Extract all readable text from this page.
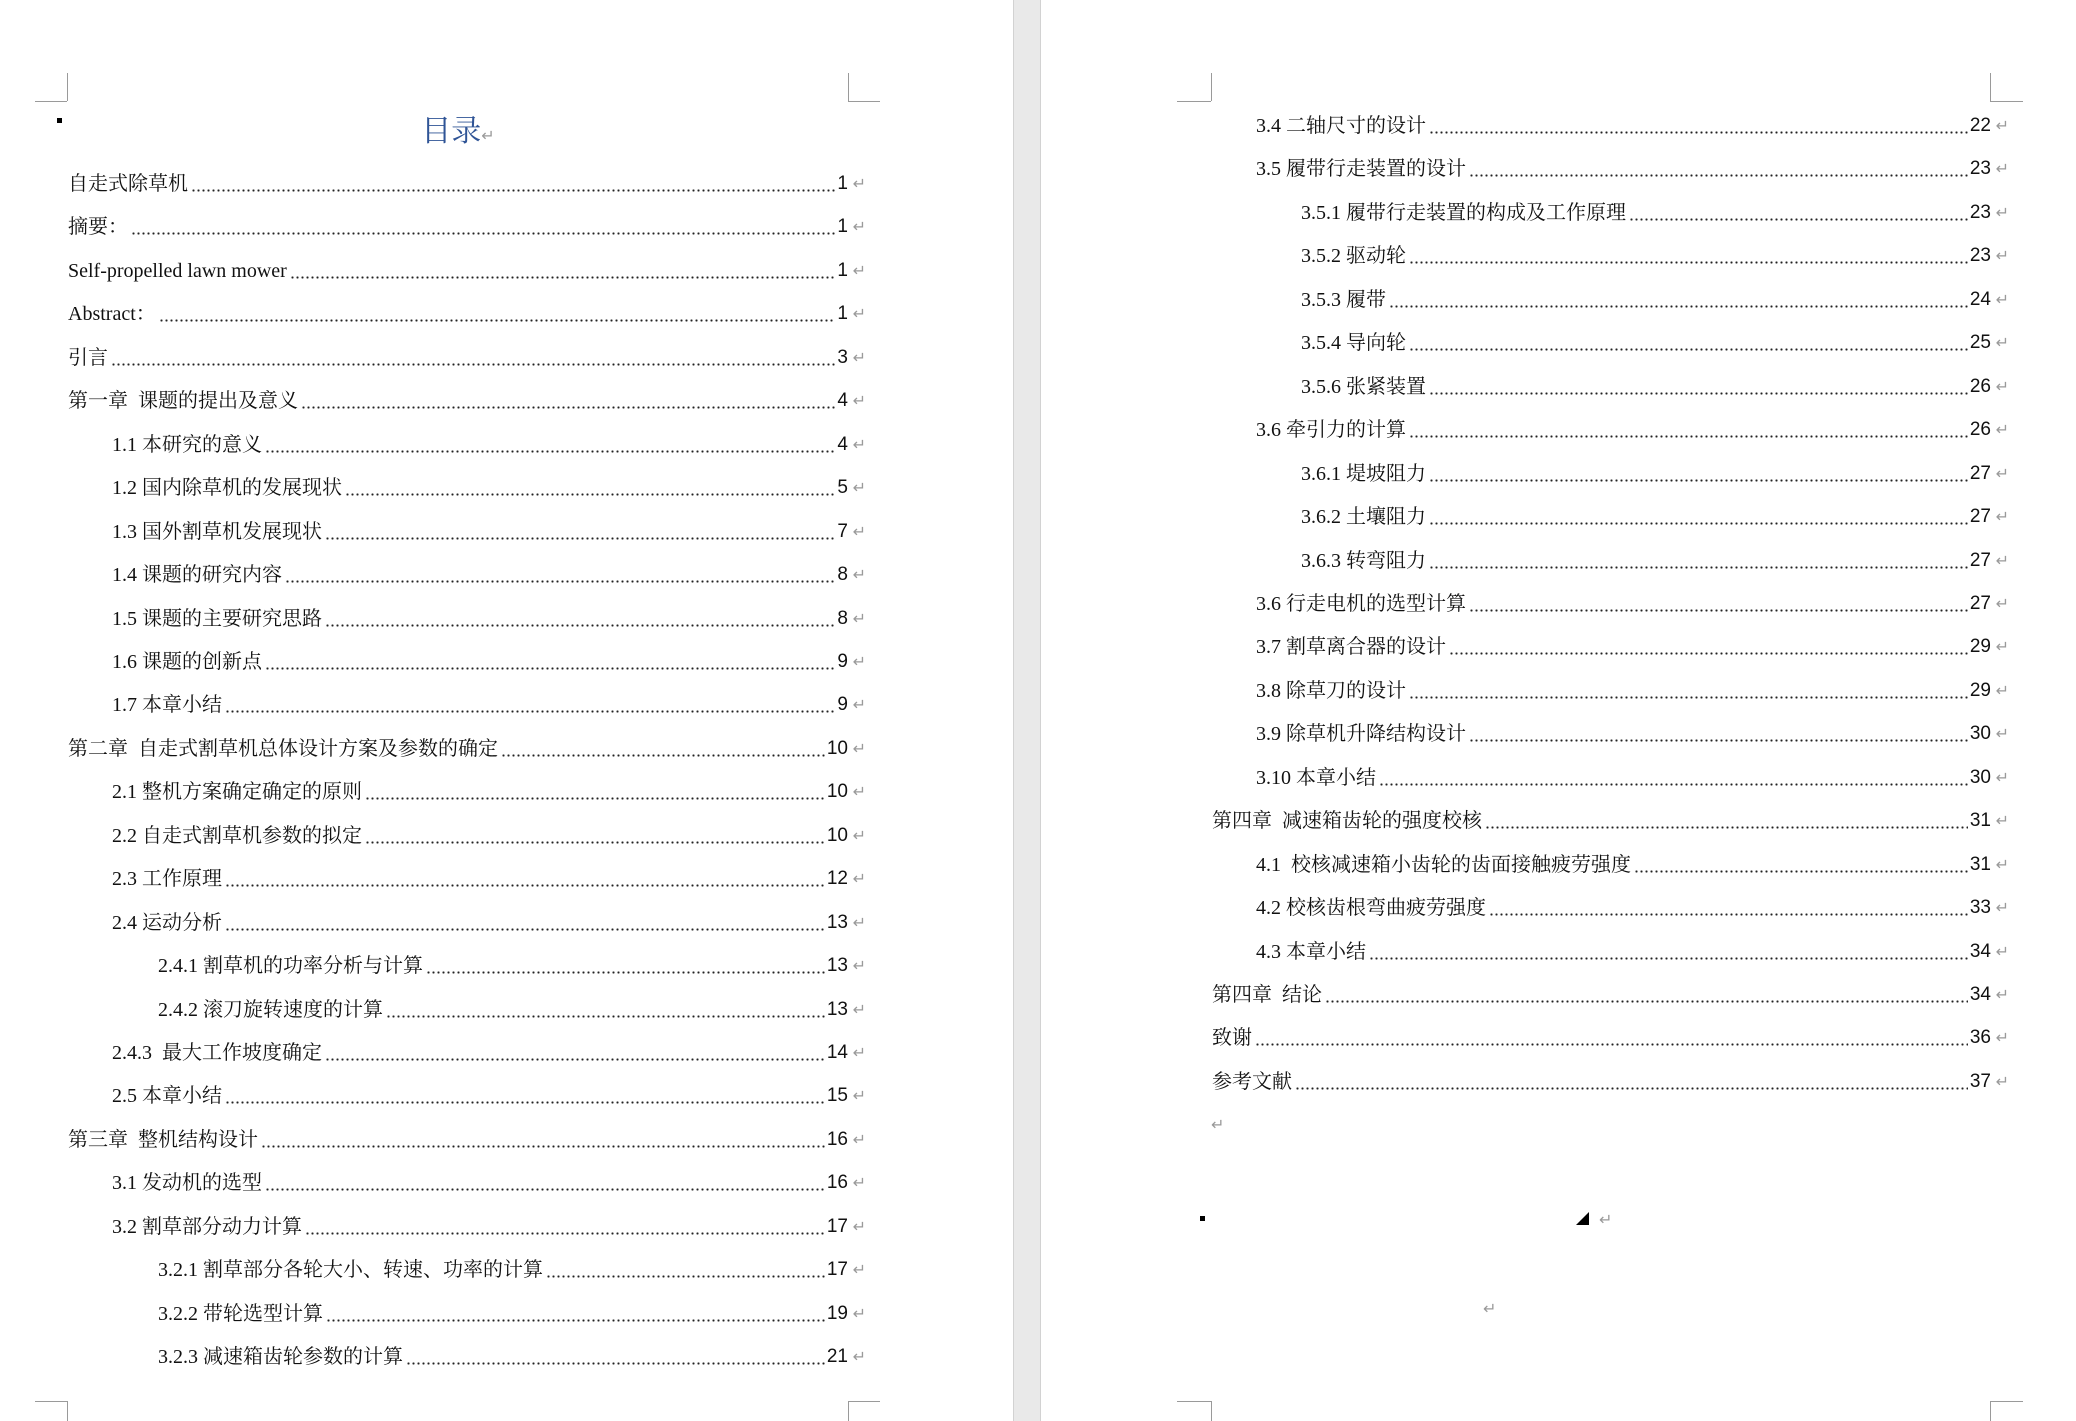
目录 ↵
自走式除草机	1
↵
摘要：	1
↵
Self-propelled lawn mower	1
↵
Abstract：	1
↵
引言	3
↵
第一章  课题的提出及意义	4
↵
1.1 本研究的意义	4
↵
1.2 国内除草机的发展现状	5
↵
1.3 国外割草机发展现状	7
↵
1.4 课题的研究内容	8
↵
1.5 课题的主要研究思路	8
↵
1.6 课题的创新点	9
↵
1.7 本章小结	9
↵
第二章  自走式割草机总体设计方案及参数的确定	10
↵
2.1 整机方案确定确定的原则	10
↵
2.2 自走式割草机参数的拟定	10
↵
2.3 工作原理	12
↵
2.4 运动分析	13
↵
2.4.1 割草机的功率分析与计算	13
↵
2.4.2 滚刀旋转速度的计算	13
↵
2.4.3  最大工作坡度确定	14
↵
2.5 本章小结	15
↵
第三章  整机结构设计	16
↵
3.1 发动机的选型	16
↵
3.2 割草部分动力计算	17
↵
3.2.1 割草部分各轮大小、转速、功率的计算	17
↵
3.2.2 带轮选型计算	19
↵
3.2.3 减速箱齿轮参数的计算	21
↵
3.4 二轴尺寸的设计	22
↵
3.5 履带行走装置的设计	23
↵
3.5.1 履带行走装置的构成及工作原理	23
↵
3.5.2 驱动轮	23
↵
3.5.3 履带	24
↵
3.5.4 导向轮	25
↵
3.5.6 张紧装置	26
↵
3.6 牵引力的计算	26
↵
3.6.1 堤坡阻力	27
↵
3.6.2 土壤阻力	27
↵
3.6.3 转弯阻力	27
↵
3.6 行走电机的选型计算	27
↵
3.7 割草离合器的设计	29
↵
3.8 除草刀的设计	29
↵
3.9 除草机升降结构设计	30
↵
3.10 本章小结	30
↵
第四章  减速箱齿轮的强度校核	31
↵
4.1  校核减速箱小齿轮的齿面接触疲劳强度	31
↵
4.2 校核齿根弯曲疲劳强度	33
↵
4.3 本章小结	34
↵
第四章  结论	34
↵
致谢	36
↵
参考文献	37
↵
↵
↵
↵
